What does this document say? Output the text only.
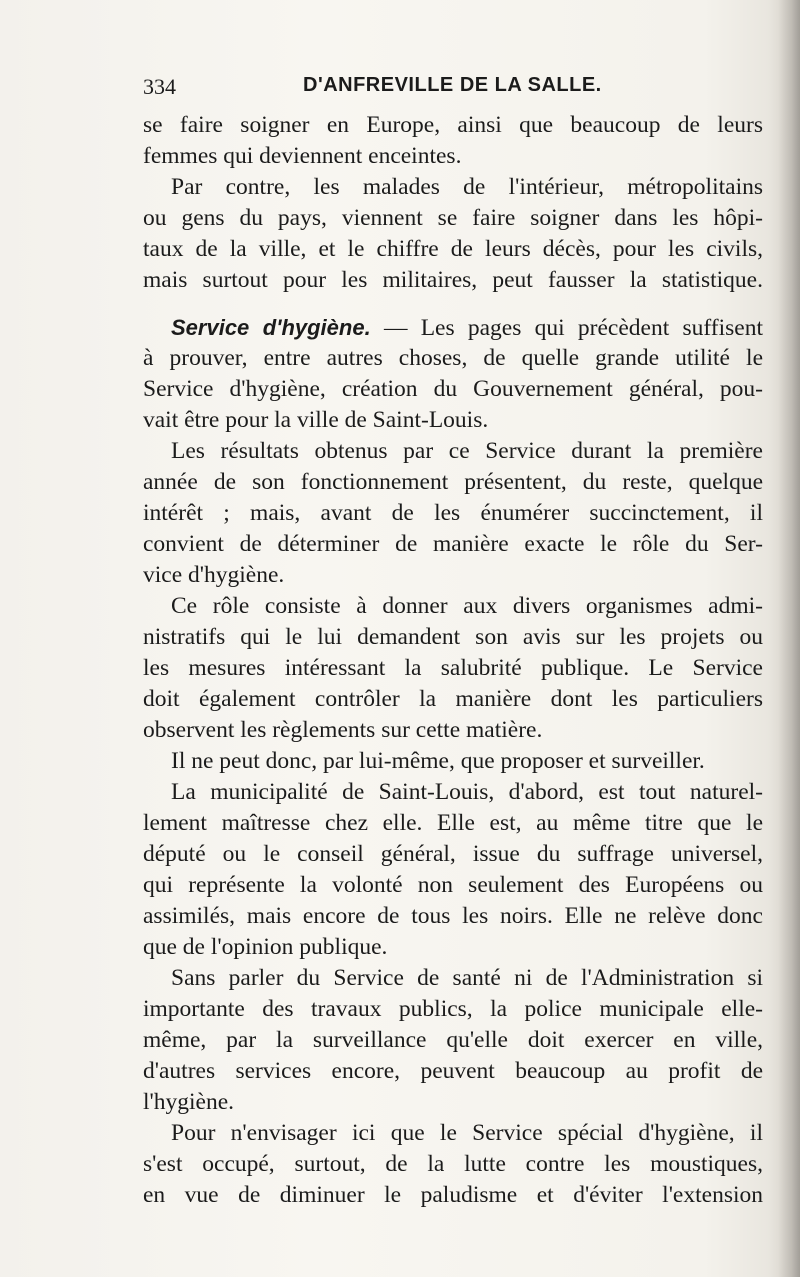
334	D'ANFREVILLE DE LA SALLE.
se faire soigner en Europe, ainsi que beaucoup de leurs
femmes qui deviennent enceintes.
Par contre, les malades de l'intérieur, métropolitains
ou gens du pays, viennent se faire soigner dans les hôpi-
taux de la ville, et le chiffre de leurs décès, pour les civils,
mais surtout pour les militaires, peut fausser la statistique.
Service d'hygiène. — Les pages qui précèdent suffisent
à prouver, entre autres choses, de quelle grande utilité le
Service d'hygiène, création du Gouvernement général, pou-
vait être pour la ville de Saint-Louis.
Les résultats obtenus par ce Service durant la première
année de son fonctionnement présentent, du reste, quelque
intérêt ; mais, avant de les énumérer succinctement, il
convient de déterminer de manière exacte le rôle du Ser-
vice d'hygiène.
Ce rôle consiste à donner aux divers organismes admi-
nistratifs qui le lui demandent son avis sur les projets ou
les mesures intéressant la salubrité publique. Le Service
doit également contrôler la manière dont les particuliers
observent les règlements sur cette matière.
Il ne peut donc, par lui-même, que proposer et surveiller.
La municipalité de Saint-Louis, d'abord, est tout naturel-
lement maîtresse chez elle. Elle est, au même titre que le
député ou le conseil général, issue du suffrage universel,
qui représente la volonté non seulement des Européens ou
assimilés, mais encore de tous les noirs. Elle ne relève donc
que de l'opinion publique.
Sans parler du Service de santé ni de l'Administration si
importante des travaux publics, la police municipale elle-
même, par la surveillance qu'elle doit exercer en ville,
d'autres services encore, peuvent beaucoup au profit de
l'hygiène.
Pour n'envisager ici que le Service spécial d'hygiène, il
s'est occupé, surtout, de la lutte contre les moustiques,
en vue de diminuer le paludisme et d'éviter l'extension
